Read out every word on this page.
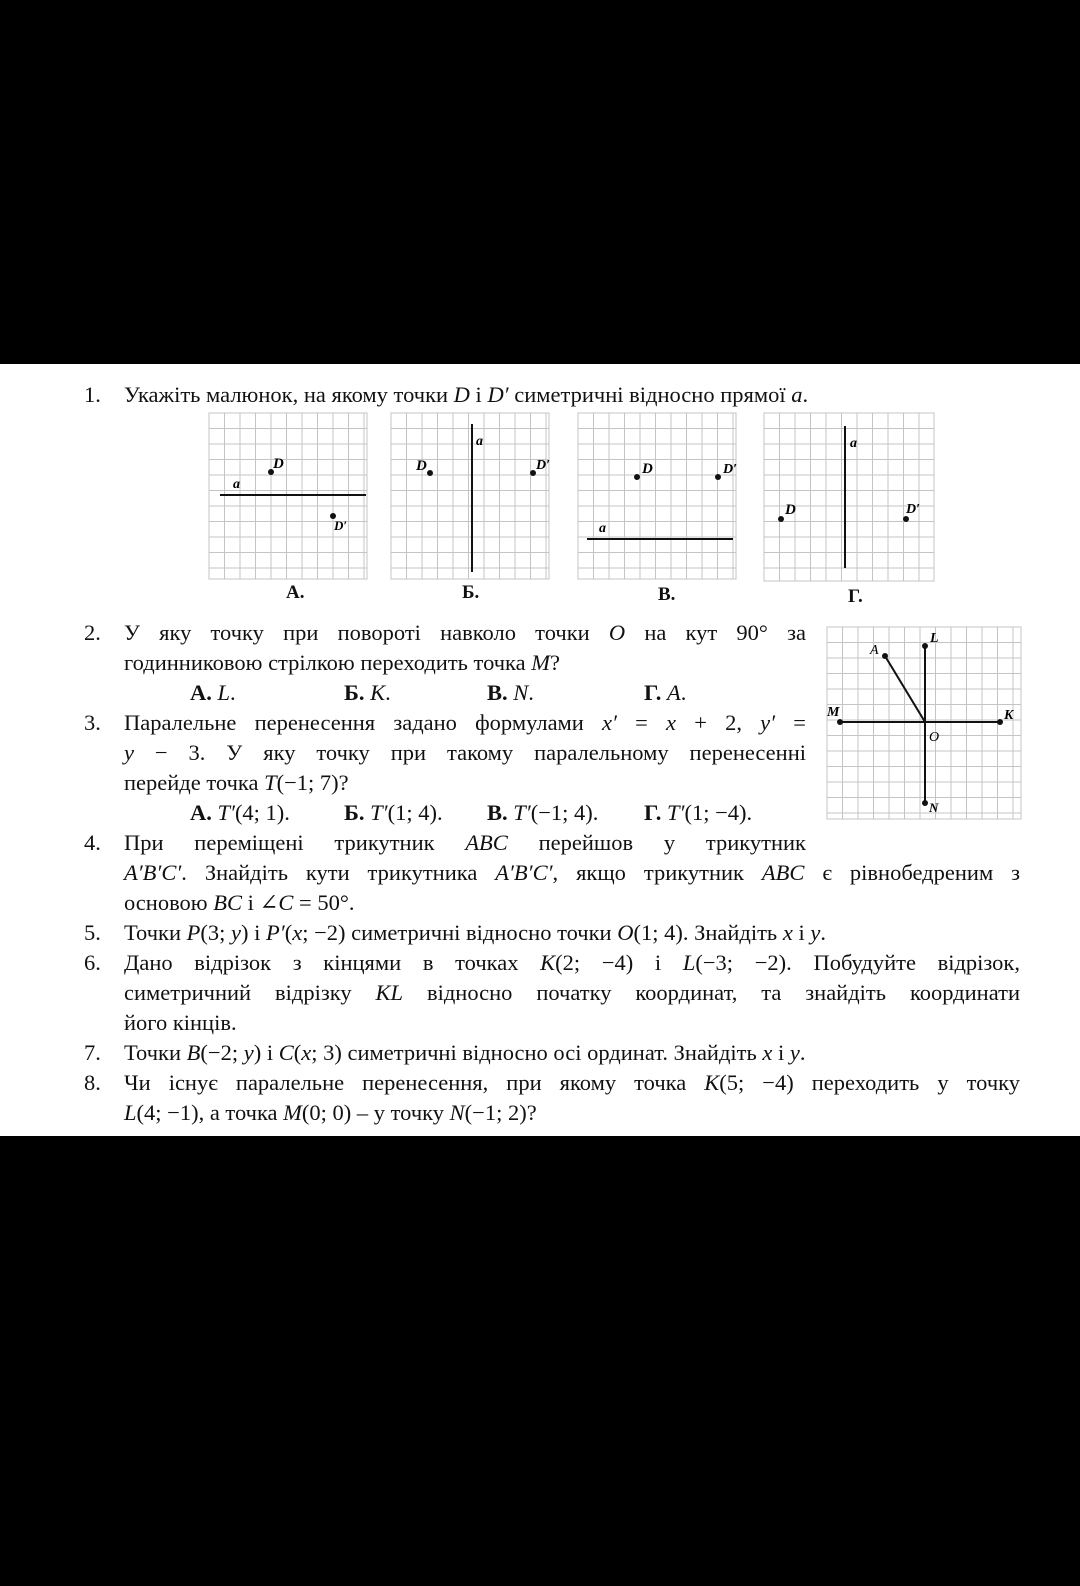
1. Укажіть малюнок, на якому точки D і D′ симетричні відносно прямої a.
D
D′
a
А.
D	D′
a
Б.
D	D′
a
В.
D	D′
a
Г.
2. У яку точку при повороті навколо точки O на кут 90° за
годинниковою стрілкою переходить точка M?
А. L.	Б. K.	В. N.	Г. A.
A
L
M	K
O
N
3. Паралельне перенесення задано формулами x′ = x + 2, y′ =
y − 3. У яку точку при такому паралельному перенесенні
перейде точка T(−1; 7)?
А. T′(4; 1). Б. T′(1; 4). В. T′(−1; 4). Г. T′(1; −4).
4. При переміщені трикутник ABC перейшов у трикутник
A′B′C′. Знайдіть кути трикутника A′B′C′, якщо трикутник ABC є рівнобедреним з
основою BC і ∠C = 50°.
5. Точки P(3; y) і P′(x; −2) симетричні відносно точки O(1; 4). Знайдіть x і y.
6. Дано відрізок з кінцями в точках K(2; −4) і L(−3; −2). Побудуйте відрізок,
симетричний відрізку KL відносно початку координат, та знайдіть координати
його кінців.
7. Точки B(−2; y) і C(x; 3) симетричні відносно осі ординат. Знайдіть x і y.
8. Чи існує паралельне перенесення, при якому точка K(5; −4) переходить у точку
L(4; −1), а точка M(0; 0) – у точку N(−1; 2)?
